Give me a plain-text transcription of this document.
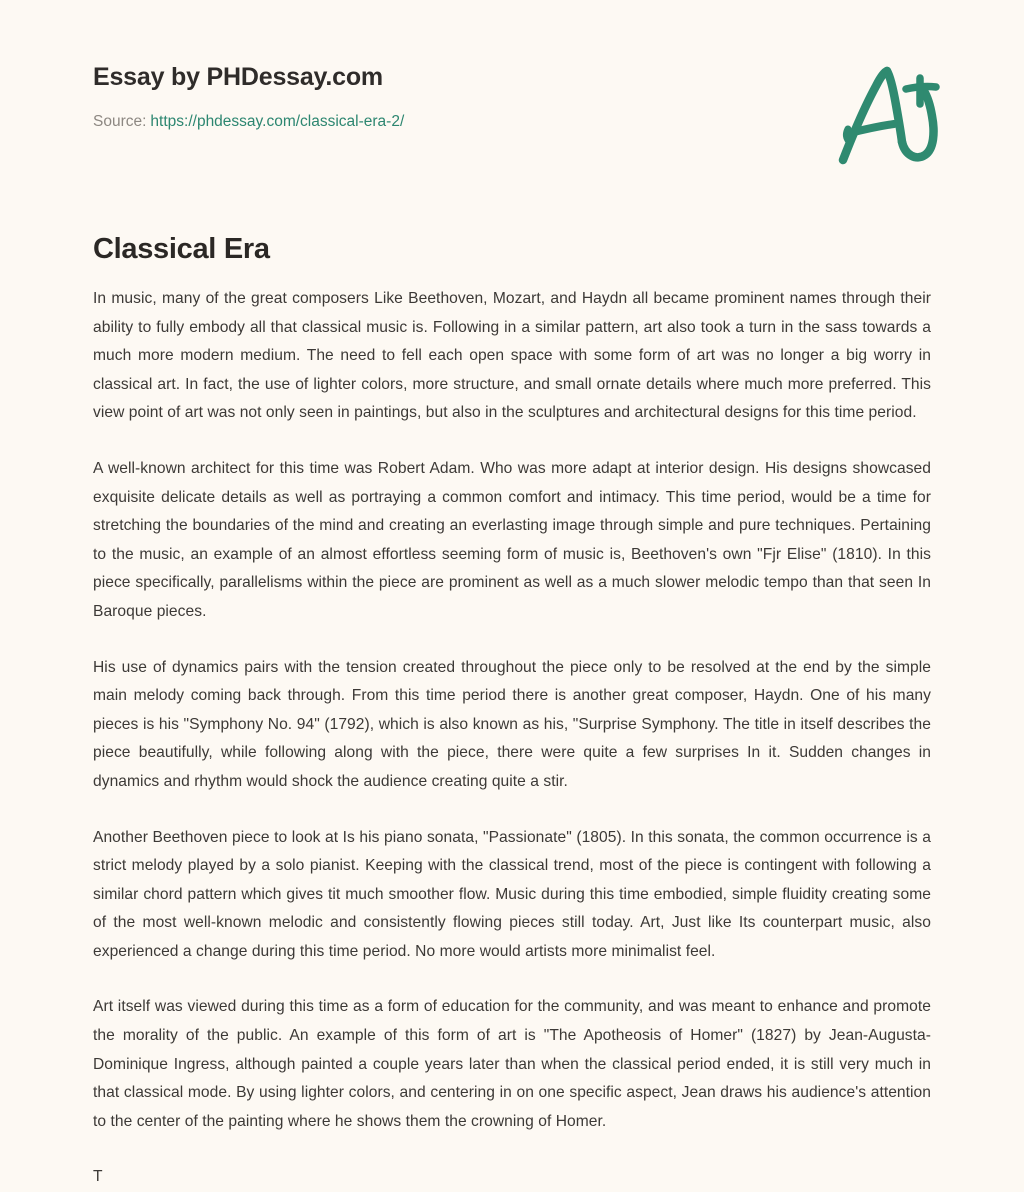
Essay by PHDessay.com
Source: https://phdessay.com/classical-era-2/
Classical Era

In music, many of the great composers Like Beethoven, Mozart, and Haydn all became prominent names through their ability to fully embody all that classical music is. Following in a similar pattern, art also took a turn in the sass towards a much more modern medium. The need to fell each open space with some form of art was no longer a big worry in classical art. In fact, the use of lighter colors, more structure, and small ornate details where much more preferred. This view point of art was not only seen in paintings, but also in the sculptures and architectural designs for this time period.

A well-known architect for this time was Robert Adam. Who was more adapt at interior design. His designs showcased exquisite delicate details as well as portraying a common comfort and intimacy. This time period, would be a time for stretching the boundaries of the mind and creating an everlasting image through simple and pure techniques. Pertaining to the music, an example of an almost effortless seeming form of music is, Beethoven's own "Fjr Elise" (1810). In this piece specifically, parallelisms within the piece are prominent as well as a much slower melodic tempo than that seen In Baroque pieces.

His use of dynamics pairs with the tension created throughout the piece only to be resolved at the end by the simple main melody coming back through. From this time period there is another great composer, Haydn. One of his many pieces is his "Symphony No. 94" (1792), which is also known as his, "Surprise Symphony. The title in itself describes the piece beautifully, while following along with the piece, there were quite a few surprises In it. Sudden changes in dynamics and rhythm would shock the audience creating quite a stir.

Another Beethoven piece to look at Is his piano sonata, "Passionate" (1805). In this sonata, the common occurrence is a strict melody played by a solo pianist. Keeping with the classical trend, most of the piece is contingent with following a similar chord pattern which gives tit much smoother flow. Music during this time embodied, simple fluidity creating some of the most well-known melodic and consistently flowing pieces still today. Art, Just like Its counterpart music, also experienced a change during this time period. No more would artists more minimalist feel.

Art itself was viewed during this time as a form of education for the community, and was meant to enhance and promote the morality of the public. An example of this form of art is "The Apotheosis of Homer" (1827) by Jean-Augusta-Dominique Ingress, although painted a couple years later than when the classical period ended, it is still very much in that classical mode. By using lighter colors, and centering in on one specific aspect, Jean draws his audience's attention to the center of the painting where he shows them the crowning of Homer.

T
